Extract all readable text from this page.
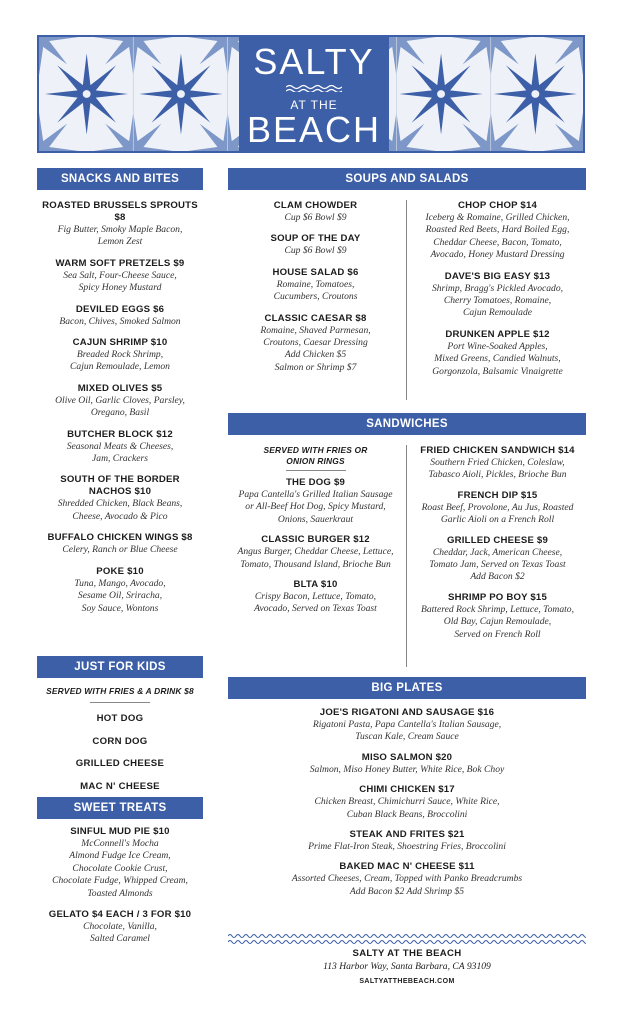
SALTY
AT THE
BEACH
SNACKS AND BITES
ROASTED BRUSSELS SPROUTS $8
Fig Butter, Smoky Maple Bacon,
Lemon Zest
WARM SOFT PRETZELS $9
Sea Salt, Four-Cheese Sauce,
Spicy Honey Mustard
DEVILED EGGS $6
Bacon, Chives, Smoked Salmon
CAJUN SHRIMP $10
Breaded Rock Shrimp,
Cajun Remoulade, Lemon
MIXED OLIVES $5
Olive Oil, Garlic Cloves, Parsley,
Oregano, Basil
BUTCHER BLOCK $12
Seasonal Meats & Cheeses,
Jam, Crackers
SOUTH OF THE BORDER
NACHOS $10
Shredded Chicken, Black Beans,
Cheese, Avocado & Pico
BUFFALO CHICKEN WINGS $8
Celery, Ranch or Blue Cheese
POKE $10
Tuna, Mango, Avocado,
Sesame Oil, Sriracha,
Soy Sauce, Wontons
JUST FOR KIDS
SERVED WITH FRIES & A DRINK $8
HOT DOG
CORN DOG
GRILLED CHEESE
MAC N' CHEESE
SWEET TREATS
SINFUL MUD PIE $10
McConnell's Mocha
Almond Fudge Ice Cream,
Chocolate Cookie Crust,
Chocolate Fudge, Whipped Cream,
Toasted Almonds
GELATO $4 EACH / 3 FOR $10
Chocolate, Vanilla,
Salted Caramel
SOUPS AND SALADS
CLAM CHOWDER
Cup $6 Bowl $9
SOUP OF THE DAY
Cup $6 Bowl $9
HOUSE SALAD $6
Romaine, Tomatoes,
Cucumbers, Croutons
CLASSIC CAESAR $8
Romaine, Shaved Parmesan,
Croutons, Caesar Dressing
Add Chicken $5
Salmon or Shrimp $7
CHOP CHOP $14
Iceberg & Romaine, Grilled Chicken,
Roasted Red Beets, Hard Boiled Egg,
Cheddar Cheese, Bacon, Tomato,
Avocado, Honey Mustard Dressing
DAVE'S BIG EASY $13
Shrimp, Bragg's Pickled Avocado,
Cherry Tomatoes, Romaine,
Cajun Remoulade
DRUNKEN APPLE $12
Port Wine-Soaked Apples,
Mixed Greens, Candied Walnuts,
Gorgonzola, Balsamic Vinaigrette
SANDWICHES
SERVED WITH FRIES OR
ONION RINGS
THE DOG $9
Papa Cantella's Grilled Italian Sausage
or All-Beef Hot Dog, Spicy Mustard,
Onions, Sauerkraut
CLASSIC BURGER $12
Angus Burger, Cheddar Cheese, Lettuce,
Tomato, Thousand Island, Brioche Bun
BLTA $10
Crispy Bacon, Lettuce, Tomato,
Avocado, Served on Texas Toast
FRIED CHICKEN SANDWICH $14
Southern Fried Chicken, Coleslaw,
Tabasco Aioli, Pickles, Brioche Bun
FRENCH DIP $15
Roast Beef, Provolone, Au Jus, Roasted
Garlic Aioli on a French Roll
GRILLED CHEESE $9
Cheddar, Jack, American Cheese,
Tomato Jam, Served on Texas Toast
Add Bacon $2
SHRIMP PO BOY $15
Battered Rock Shrimp, Lettuce, Tomato,
Old Bay, Cajun Remoulade,
Served on French Roll
BIG PLATES
JOE'S RIGATONI AND SAUSAGE $16
Rigatoni Pasta, Papa Cantella's Italian Sausage,
Tuscan Kale, Cream Sauce
MISO SALMON $20
Salmon, Miso Honey Butter, White Rice, Bok Choy
CHIMI CHICKEN $17
Chicken Breast, Chimichurri Sauce, White Rice,
Cuban Black Beans, Broccolini
STEAK AND FRITES $21
Prime Flat-Iron Steak, Shoestring Fries, Broccolini
BAKED MAC N' CHEESE $11
Assorted Cheeses, Cream, Topped with Panko Breadcrumbs
Add Bacon $2 Add Shrimp $5
SALTY AT THE BEACH
113 Harbor Way, Santa Barbara, CA 93109
SALTYATTHEBEACH.COM
